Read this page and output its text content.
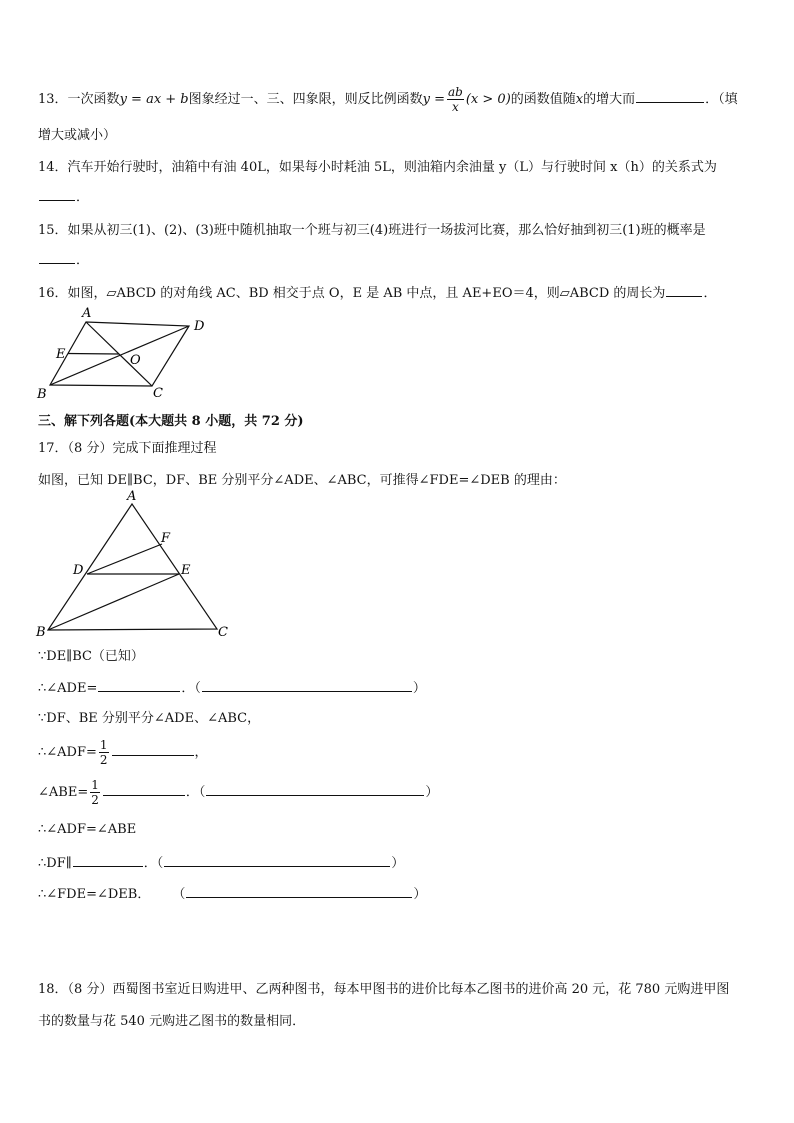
13．一次函数y = ax + b图象经过一、三、四象限，则反比例函数$y = \frac{ab}{x} (x > 0)$的函数值随x的增大而	．（填
增大或减小）
14．汽车开始行驶时，油箱中有油 40L，如果每小时耗油 5L，则油箱内余油量 y（L）与行驶时间 x（h）的关系式为
．
15．如果从初三(1)、(2)、(3)班中随机抽取一个班与初三(4)班进行一场拔河比赛，那么恰好抽到初三(1)班的概率是
．
16．如图，▱ABCD 的对角线 AC、BD 相交于点 O，E 是 AB 中点，且 AE+EO＝4，则▱ABCD 的周长为	．
A
D
E	O
B	C
三、解下列各题(本大题共 8 小题，共 72 分)
17．（8 分）完成下面推理过程
如图，已知 DE∥BC，DF、BE 分别平分∠ADE、∠ABC，可推得∠FDE=∠DEB 的理由：
A
F
D	E
B	C
∵DE∥BC（已知）
∴∠ADE=	．（	）
∵DF、BE 分别平分∠ADE、∠ABC，
∴∠ADF= $\frac{1}{2}$	，
∠ABE= $\frac{1}{2}$	．（	）
∴∠ADF=∠ABE
∴DF∥	．（	）
∴∠FDE=∠DEB． （	）
18．（8 分）西蜀图书室近日购进甲、乙两种图书，每本甲图书的进价比每本乙图书的进价高 20 元，花 780 元购进甲图
书的数量与花 540 元购进乙图书的数量相同．
